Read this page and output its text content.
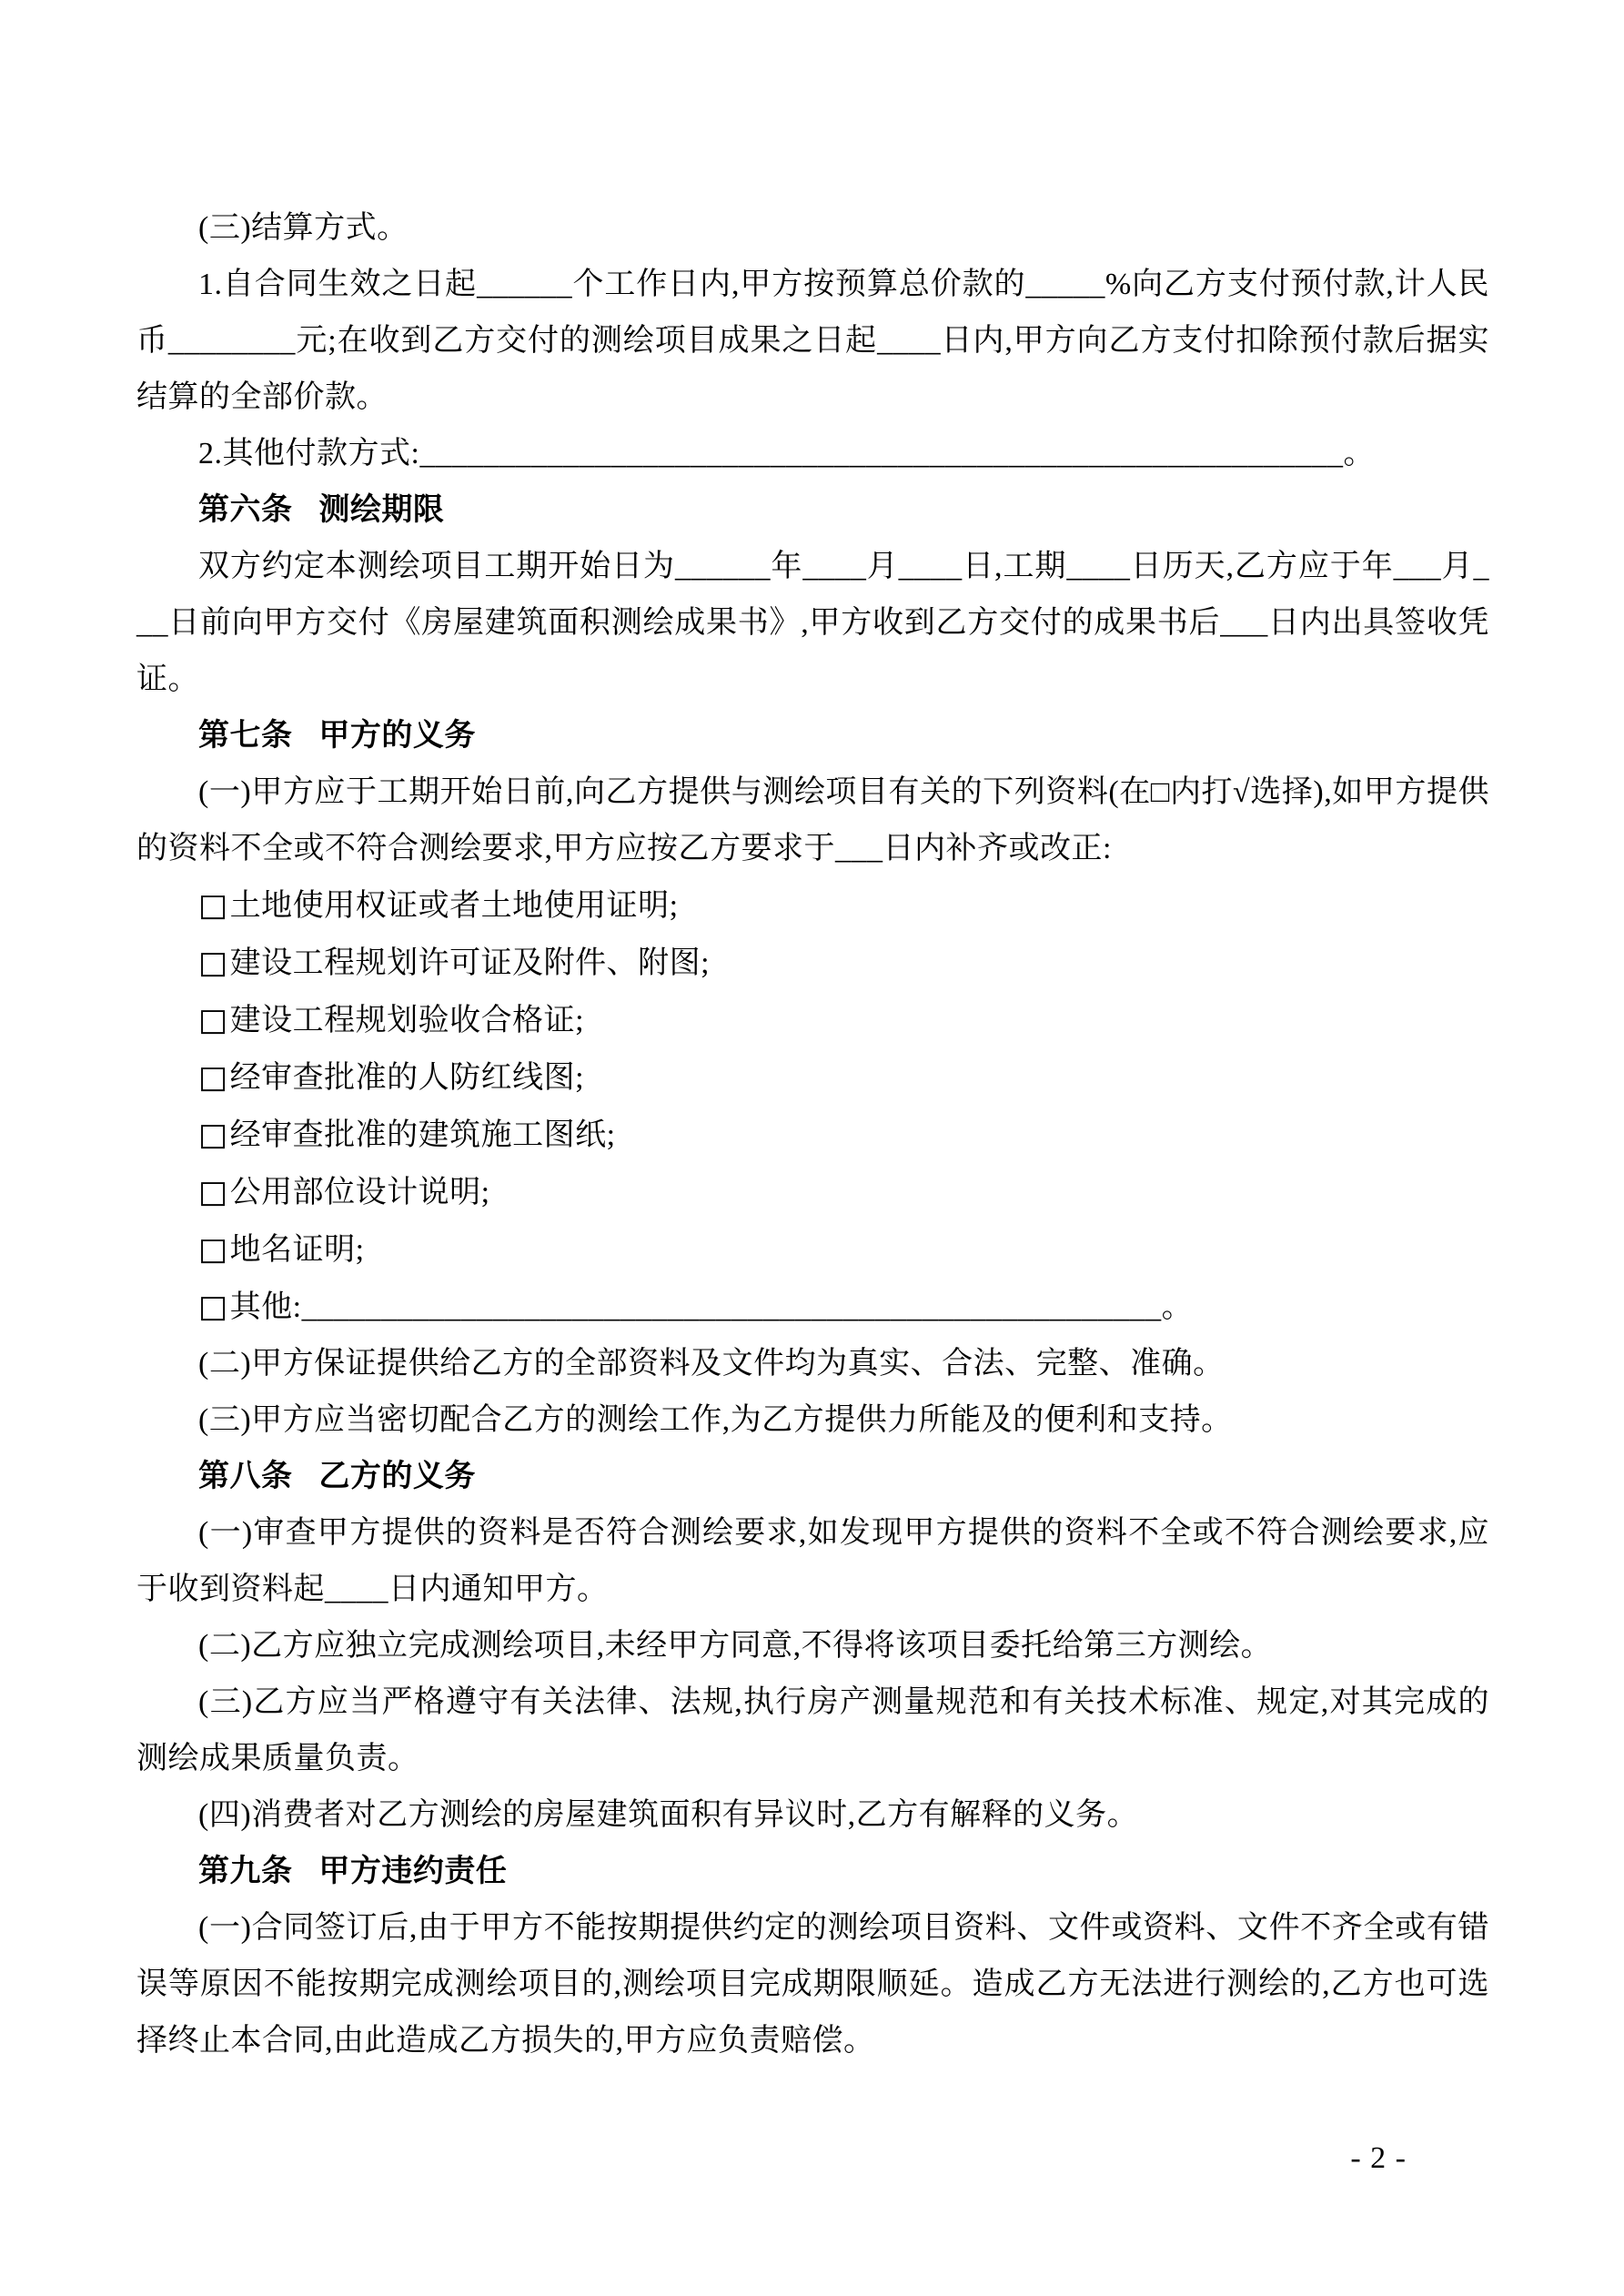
(三)结算方式。

1.自合同生效之日起______个工作日内,甲方按预算总价款的_____%向乙方支付预付款,计人民币________元;在收到乙方交付的测绘项目成果之日起____日内,甲方向乙方支付扣除预付款后据实结算的全部价款。

2.其他付款方式:__________________________________________________________。

第六条 测绘期限

双方约定本测绘项目工期开始日为______年____月____日,工期____日历天,乙方应于年___月___日前向甲方交付《房屋建筑面积测绘成果书》,甲方收到乙方交付的成果书后___日内出具签收凭证。

第七条 甲方的义务

(一)甲方应于工期开始日前,向乙方提供与测绘项目有关的下列资料(在□内打√选择),如甲方提供的资料不全或不符合测绘要求,甲方应按乙方要求于___日内补齐或改正:

□土地使用权证或者土地使用证明;

□建设工程规划许可证及附件、附图;

□建设工程规划验收合格证;

□经审查批准的人防红线图;

□经审查批准的建筑施工图纸;

□公用部位设计说明;

□地名证明;

□其他:______________________________________________________。

(二)甲方保证提供给乙方的全部资料及文件均为真实、合法、完整、准确。

(三)甲方应当密切配合乙方的测绘工作,为乙方提供力所能及的便利和支持。

第八条 乙方的义务

(一)审查甲方提供的资料是否符合测绘要求,如发现甲方提供的资料不全或不符合测绘要求,应于收到资料起____日内通知甲方。

(二)乙方应独立完成测绘项目,未经甲方同意,不得将该项目委托给第三方测绘。

(三)乙方应当严格遵守有关法律、法规,执行房产测量规范和有关技术标准、规定,对其完成的测绘成果质量负责。

(四)消费者对乙方测绘的房屋建筑面积有异议时,乙方有解释的义务。

第九条 甲方违约责任

(一)合同签订后,由于甲方不能按期提供约定的测绘项目资料、文件或资料、文件不齐全或有错误等原因不能按期完成测绘项目的,测绘项目完成期限顺延。造成乙方无法进行测绘的,乙方也可选择终止本合同,由此造成乙方损失的,甲方应负责赔偿。

- 2 -
